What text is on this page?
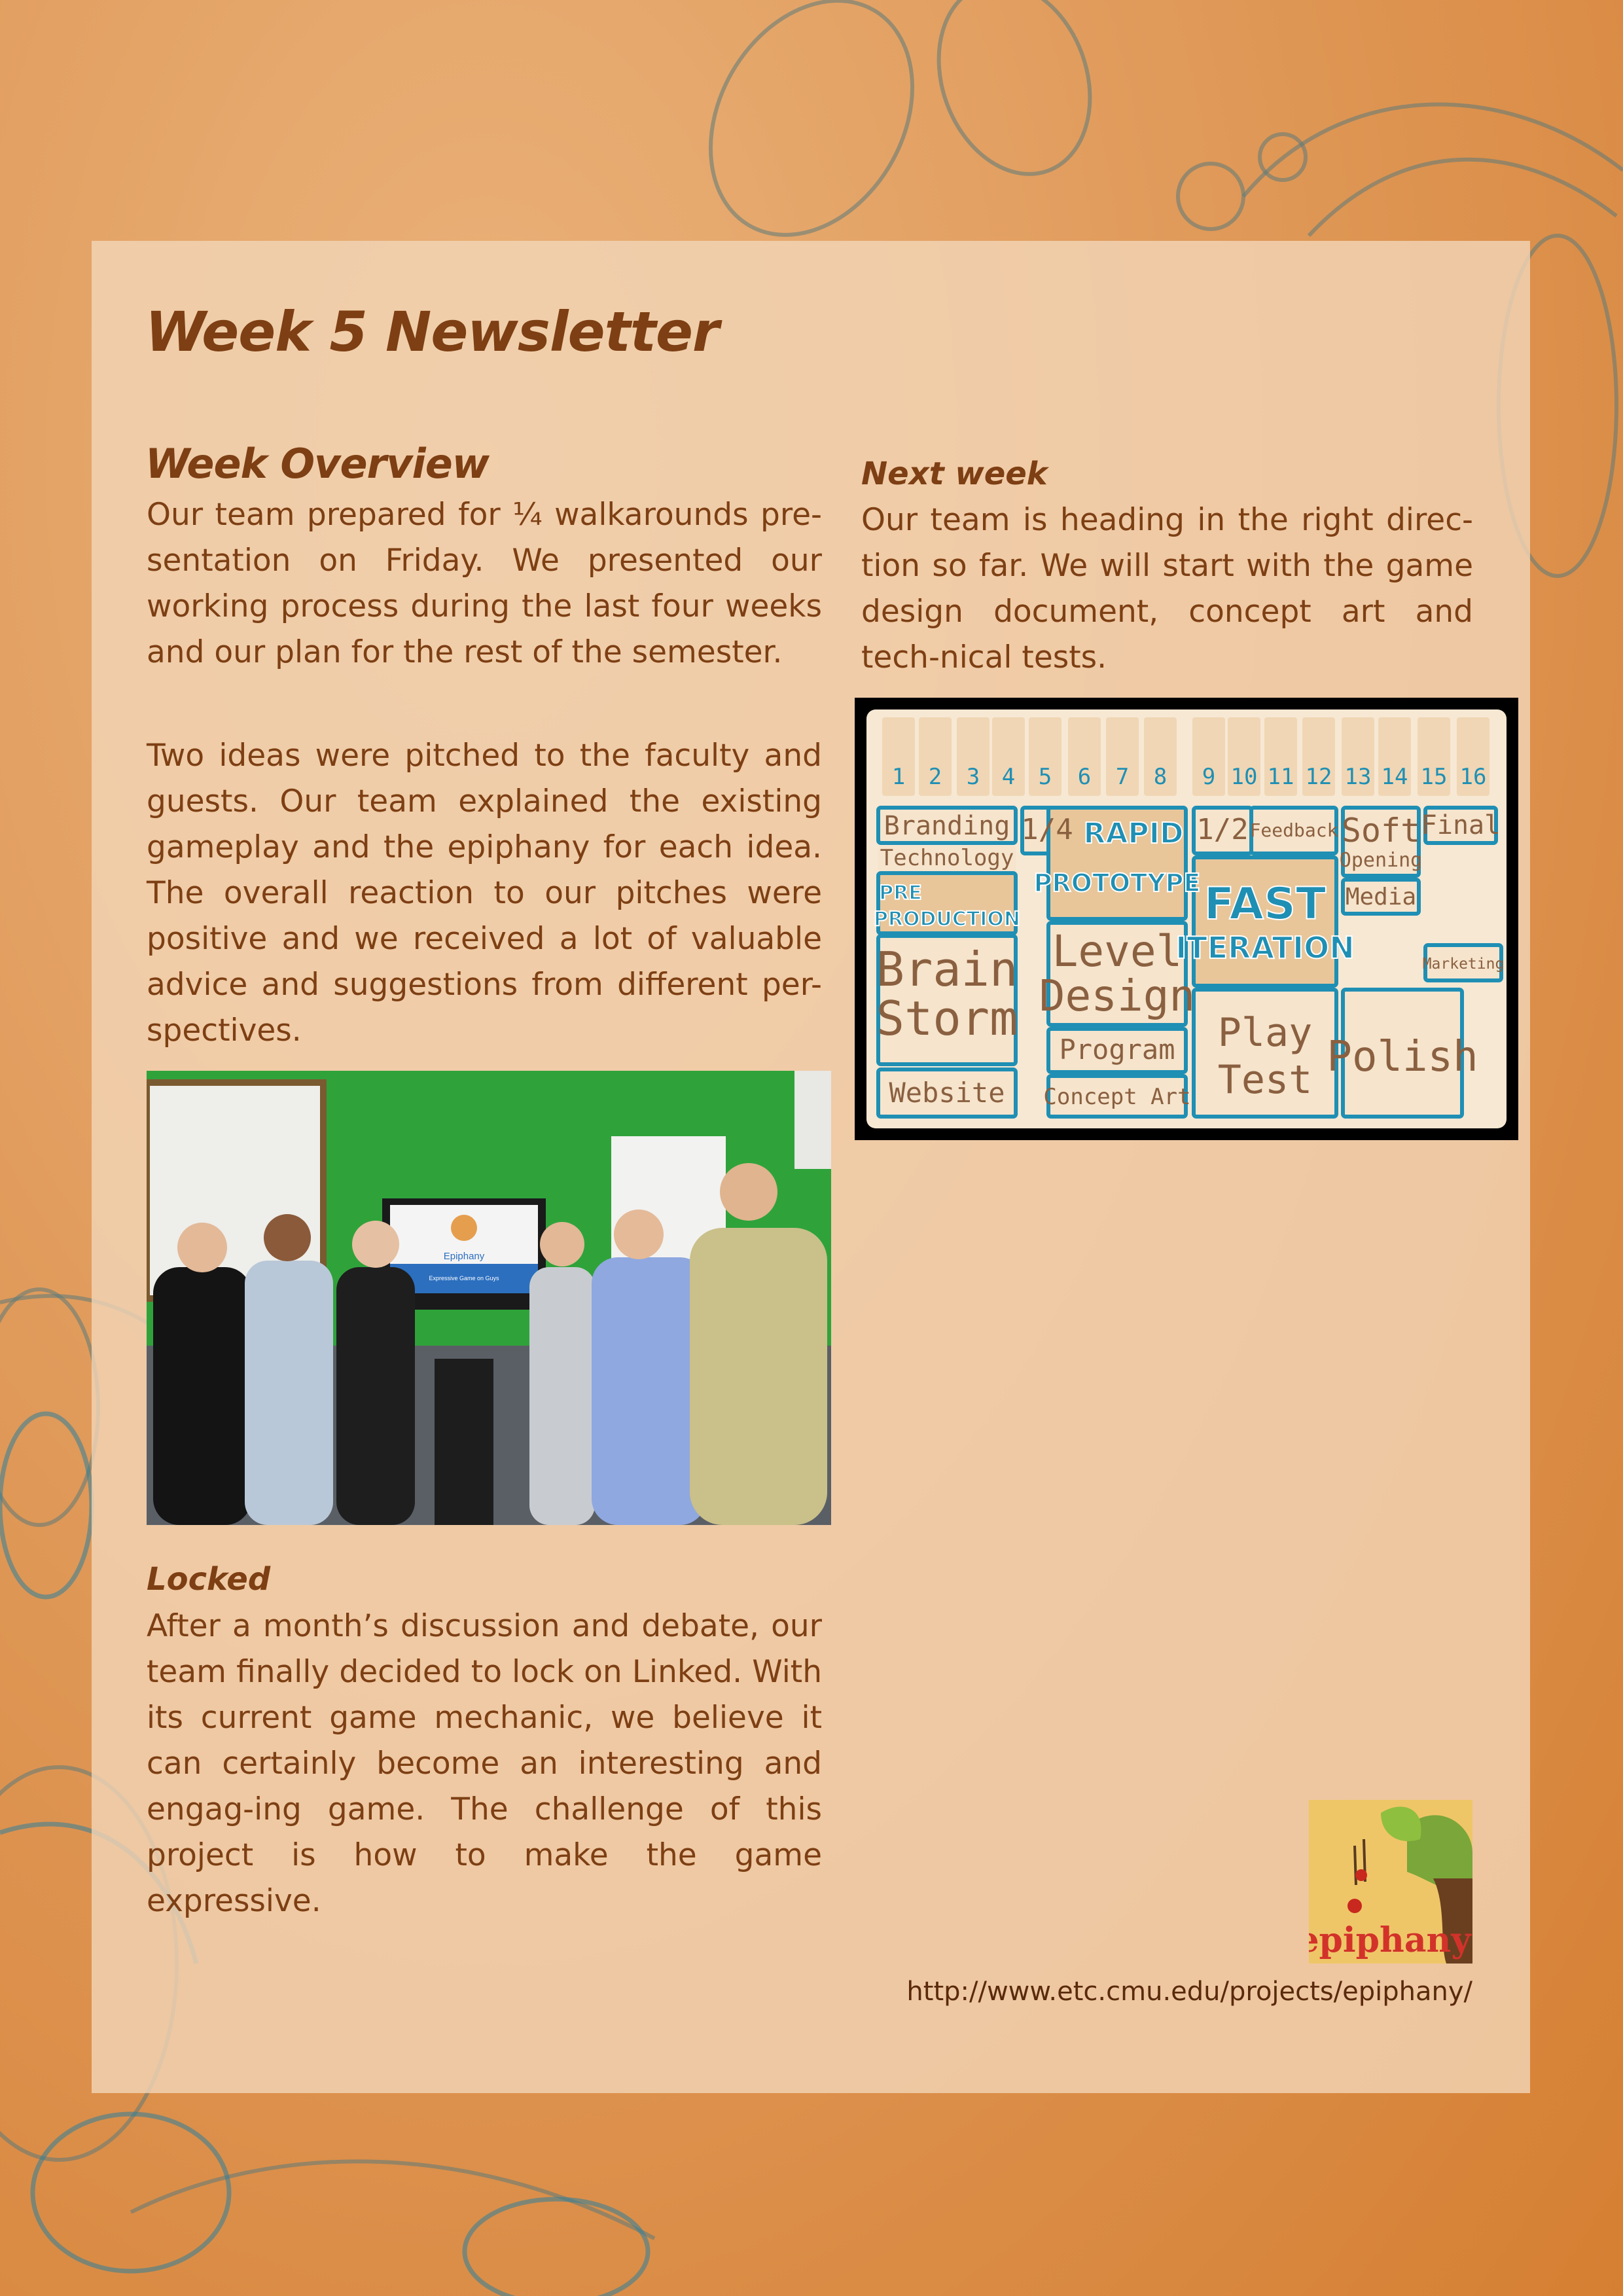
Week 5 Newsletter
Week Overview

Our team prepared for ¼ walkarounds pre-sentation on Friday. We presented our working process during the last four weeks and our plan for the rest of the semester.

Two ideas were pitched to the faculty and guests. Our team explained the existing gameplay and the epiphany for each idea. The overall reaction to our pitches were positive and we received a lot of valuable advice and suggestions from different per-spectives.

Epiphany
Expressive Game on Guys
Locked

After a month’s discussion and debate, our team finally decided to lock on Linked. With its current game mechanic, we believe it can certainly become an interesting and engag-ing game. The challenge of this project is how to make the game expressive.

Next week

Our team is heading in the right direc-tion so far. We will start with the game design document, concept art and tech-nical tests.

1 2 3 4 5 6 7 8 9 10 11 12 13 14 15 16
Branding
Technology
Brain
Storm
Website
1/4
Level
Design
Program
Concept Art
1/2 Feedback
Play
Test
Soft
Opening
Media
Final
Marketing
Polish
PRE
PRODUCTION
RAPID
PROTOTYPE FAST
ITERATION
epiphany
http://www.etc.cmu.edu/projects/epiphany/
